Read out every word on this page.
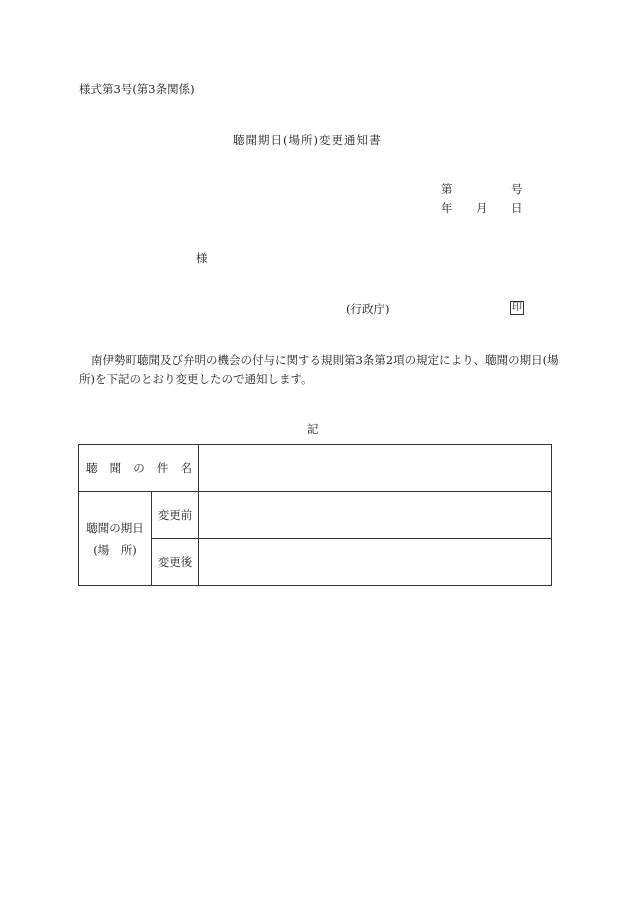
様式第3号(第3条関係)
聴聞期日(場所)変更通知書
第	号
年 月 日
様
(行政庁)	印
南伊勢町聴聞及び弁明の機会の付与に関する規則第3条第2項の規定により、聴聞の期日(場所)を下記のとおり変更したので通知します。
記
聴 聞 の 件 名		

聴聞の期日
(場　所)	変更前	
	変更後	
